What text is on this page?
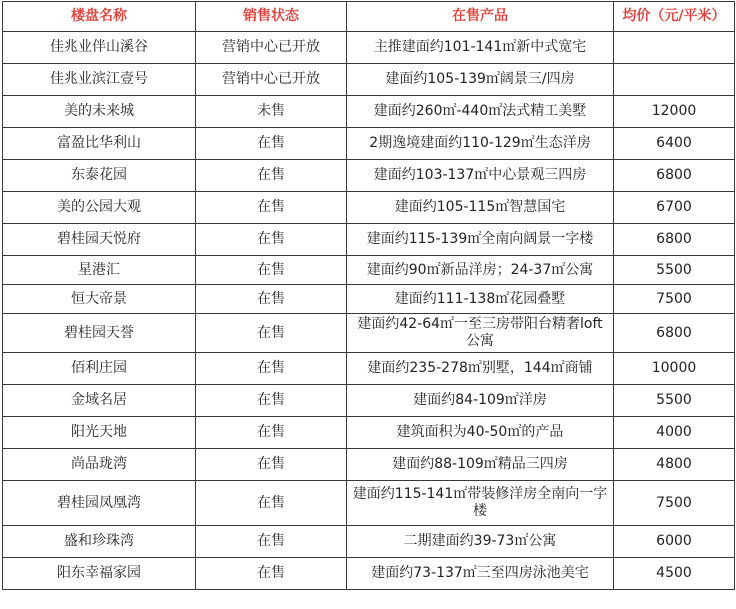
楼盘名称	销售状态	在售产品	均价（元/平米）
佳兆业伴山溪谷	营销中心已开放	主推建面约101-141㎡新中式宽宅	
佳兆业滨江壹号	营销中心已开放	建面约105-139㎡阔景三/四房	
美的未来城	未售	建面约260㎡-440㎡法式精工美墅	12000
富盈比华利山	在售	2期逸境建面约110-129㎡生态洋房	6400
东泰花园	在售	建面约103-137㎡中心景观三四房	6800
美的公园大观	在售	建面约105-115㎡智慧国宅	6700
碧桂园天悦府	在售	建面约115-139㎡全南向阔景一字楼	6800
星港汇	在售	建面约90㎡新品洋房；24-37㎡公寓	5500
恒大帝景	在售	建面约111-138㎡花园叠墅	7500
碧桂园天誉	在售	建面约42-64㎡一至三房带阳台精奢loft公寓	6800
佰利庄园	在售	建面约235-278㎡别墅，144㎡商铺	10000
金域名居	在售	建面约84-109㎡洋房	5500
阳光天地	在售	建筑面积为40-50㎡的产品	4000
尚品珑湾	在售	建面约88-109㎡精品三四房	4800
碧桂园凤凰湾	在售	建面约115-141㎡带装修洋房全南向一字楼	7500
盛和珍珠湾	在售	二期建面约39-73㎡公寓	6000
阳东幸福家园	在售	建面约73-137㎡三至四房泳池美宅	4500
